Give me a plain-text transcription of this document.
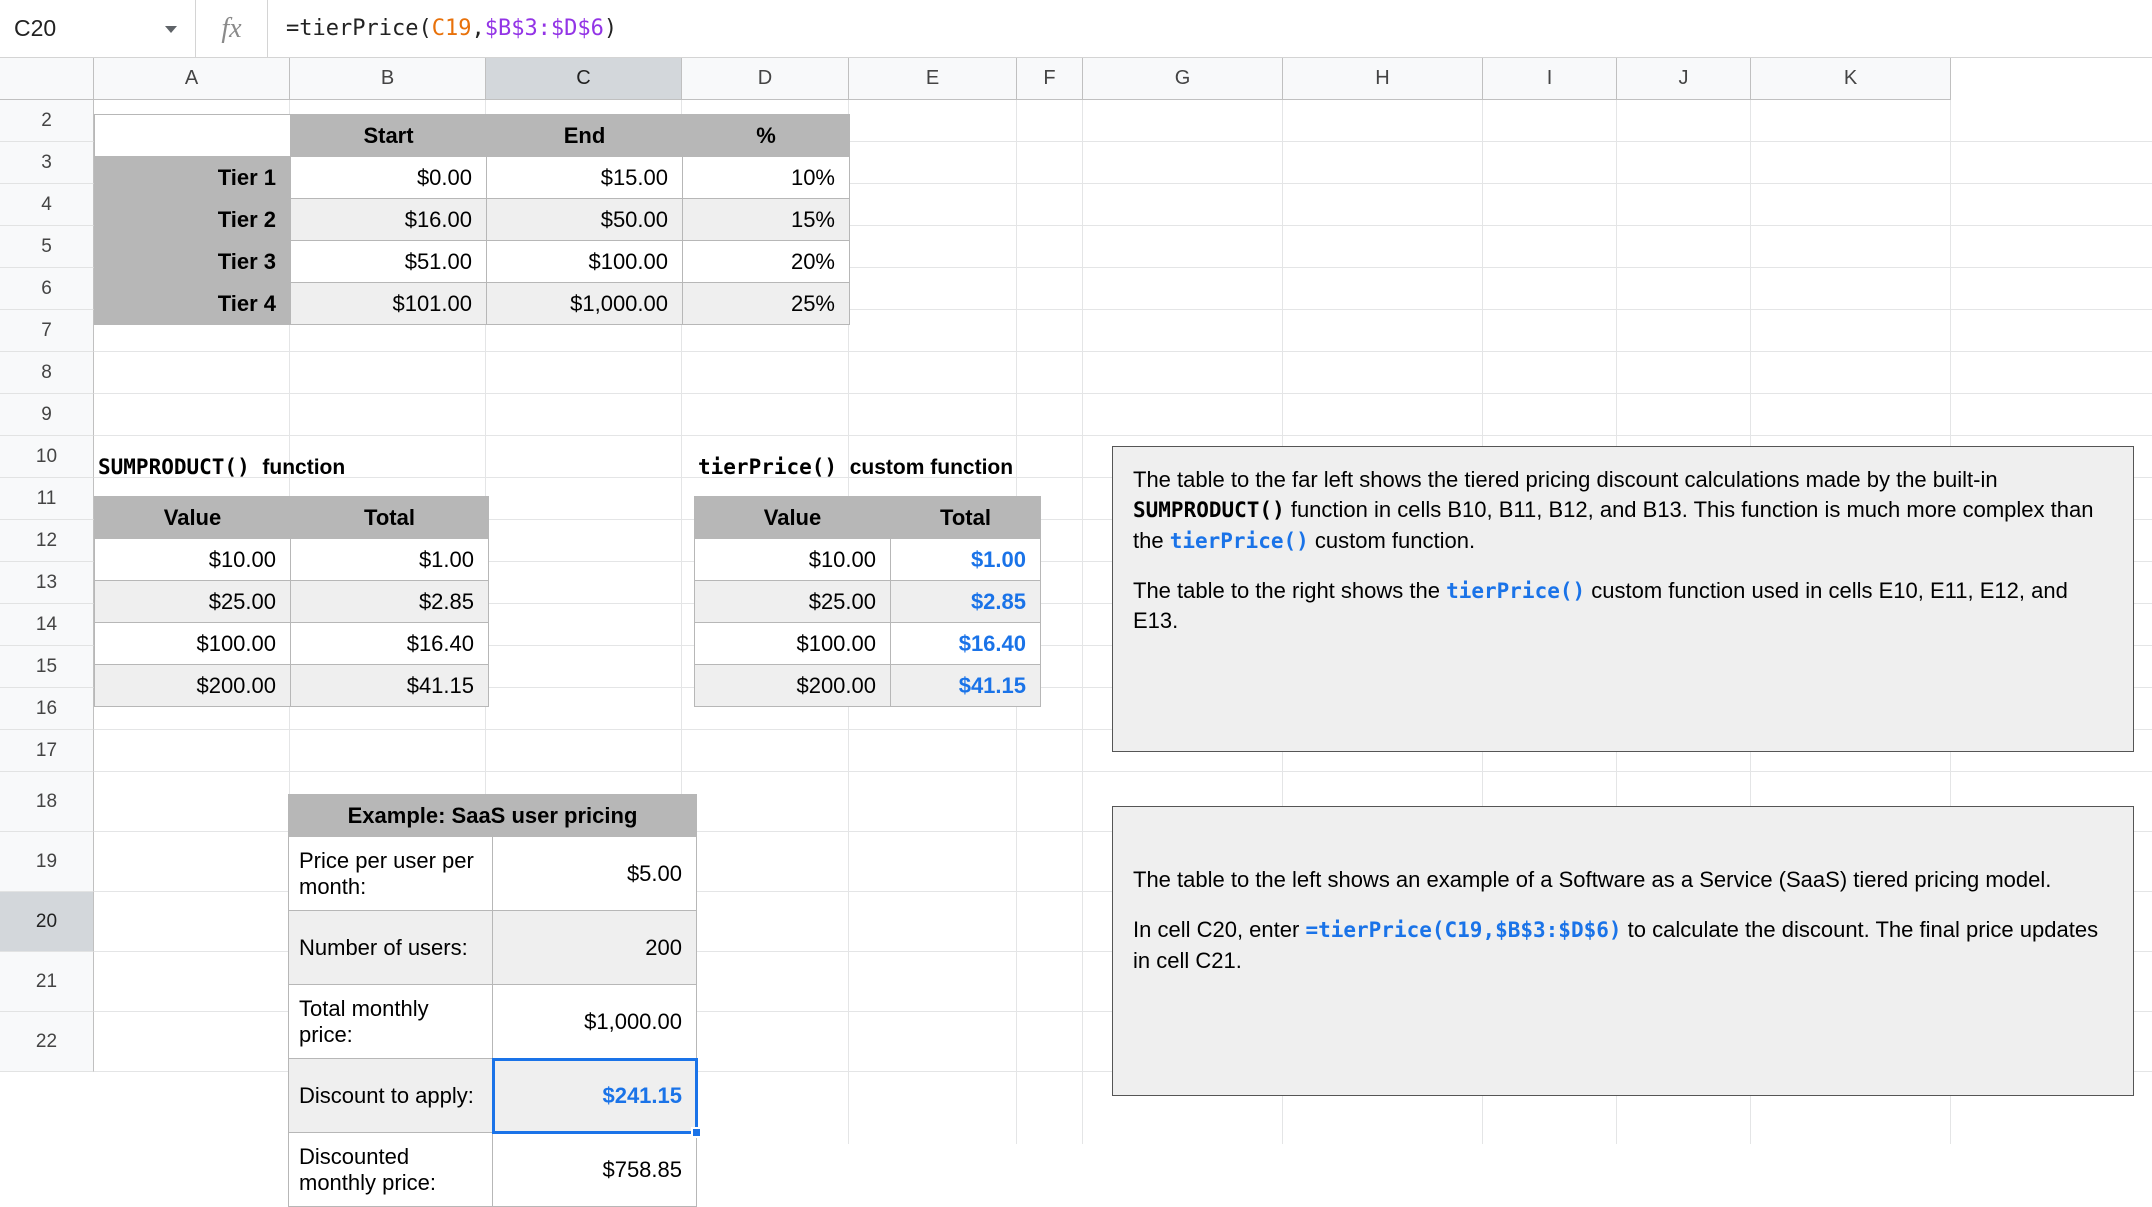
C20	fx =tierPrice( C19 , $B$3:$D$6 )
A	B	C	D	E	F	G	H	I	J	K
2
3
4
5
6
7
8
9
10
11
12
13
14
15
16
17
18
19
20
21
22
	Start	End	%
Tier 1	$0.00	$15.00	10%
Tier 2	$16.00	$50.00	15%
Tier 3	$51.00	$100.00	20%
Tier 4	$101.00	$1,000.00	25%
SUMPRODUCT() function
Value	Total
$10.00	$1.00
$25.00	$2.85
$100.00	$16.40
$200.00	$41.15
tierPrice() custom function
Value	Total
$10.00	$1.00
$25.00	$2.85
$100.00	$16.40
$200.00	$41.15
Example: SaaS user pricing	
Price per user per month:	$5.00
Number of users:	200
Total monthly price:	$1,000.00
Discount to apply:	$241.15

Discounted monthly price:	$758.85

The table to the far left shows the tiered pricing discount calculations made by the built-in SUMPRODUCT() function in cells B10, B11, B12, and B13. This function is much more complex than the tierPrice() custom function.

The table to the right shows the tierPrice() custom function used in cells E10, E11, E12, and E13.

The table to the left shows an example of a Software as a Service (SaaS) tiered pricing model.

In cell C20, enter =tierPrice(C19,$B$3:$D$6) to calculate the discount. The final price updates in cell C21.
